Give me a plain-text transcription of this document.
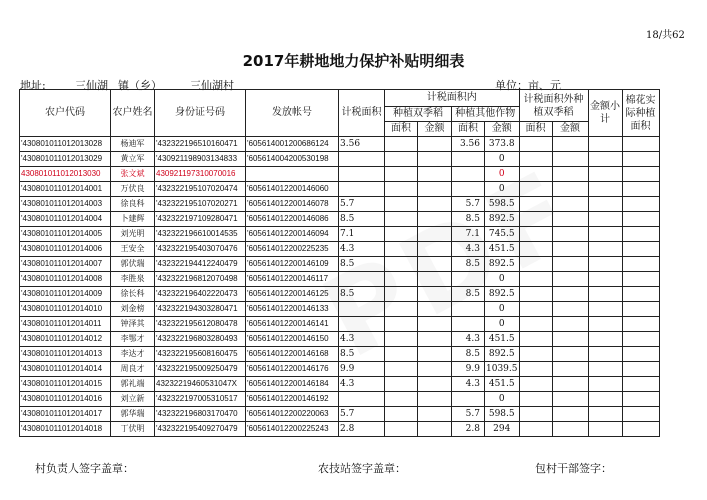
18/共62
2017年耕地地力保护补贴明细表
地址:	三仙湖 镇（乡）	三仙湖村	单位：亩、元
农户代码	农户姓名	身份证号码	发放帐号	计税面积	计税面积内				计税面积外种植双季稻		金额小计	棉花实际种植面积
					种植双季稻		种植其他作物					
					面积	金额	面积	金额	面积	金额		
'430801011012013028	杨迪军	'432322196510160471	'605614001200686124	3.56			3.56	373.8				
'430801011012013029	黄立军	'430921198903134833	'605614004200530198					0				
430801011012013030	张文斌	430921197310070016						0				
'430801011012014001	万伏良	'432322195107020474	'605614012200146060					0				
'430801011012014003	徐良科	'432322195107020271	'605614012200146078	5.7			5.7	598.5				
'430801011012014004	卜建辉	'432322197109280471	'605614012200146086	8.5			8.5	892.5				
'430801011012014005	刘光明	'432322196610014535	'605614012200146094	7.1			7.1	745.5				
'430801011012014006	王安全	'432322195403070476	'605614012200225235	4.3			4.3	451.5				
'430801011012014007	郭伏瑞	'432322194412240479	'605614012200146109	8.5			8.5	892.5				
'430801011012014008	李胜泉	'432322196812070498	'605614012200146117					0				
'430801011012014009	徐长科	'432322196402220473	'605614012200146125	8.5			8.5	892.5				
'430801011012014010	刘金榜	'432322194303280471	'605614012200146133					0				
'430801011012014011	钟泽其	'432322195612080478	'605614012200146141					0				
'430801011012014012	李鄂才	'432322196803280493	'605614012200146150	4.3			4.3	451.5				
'430801011012014013	李达才	'432322195608160475	'605614012200146168	8.5			8.5	892.5				
'430801011012014014	周良才	'432322195009250479	'605614012200146176	9.9			9.9	1039.5				
'430801011012014015	郭礼端	43232219460531047X	'605614012200146184	4.3			4.3	451.5				
'430801011012014016	刘立新	'432322197005310517	'605614012200146192					0				
'430801011012014017	郭华瑞	'432322196803170470	'605614012200220063	5.7			5.7	598.5				
'430801011012014018	丁伏明	'432322195409270479	'605614012200225243	2.8			2.8	294				
村负责人签字盖章：	农技站签字盖章：	包村干部签字：
